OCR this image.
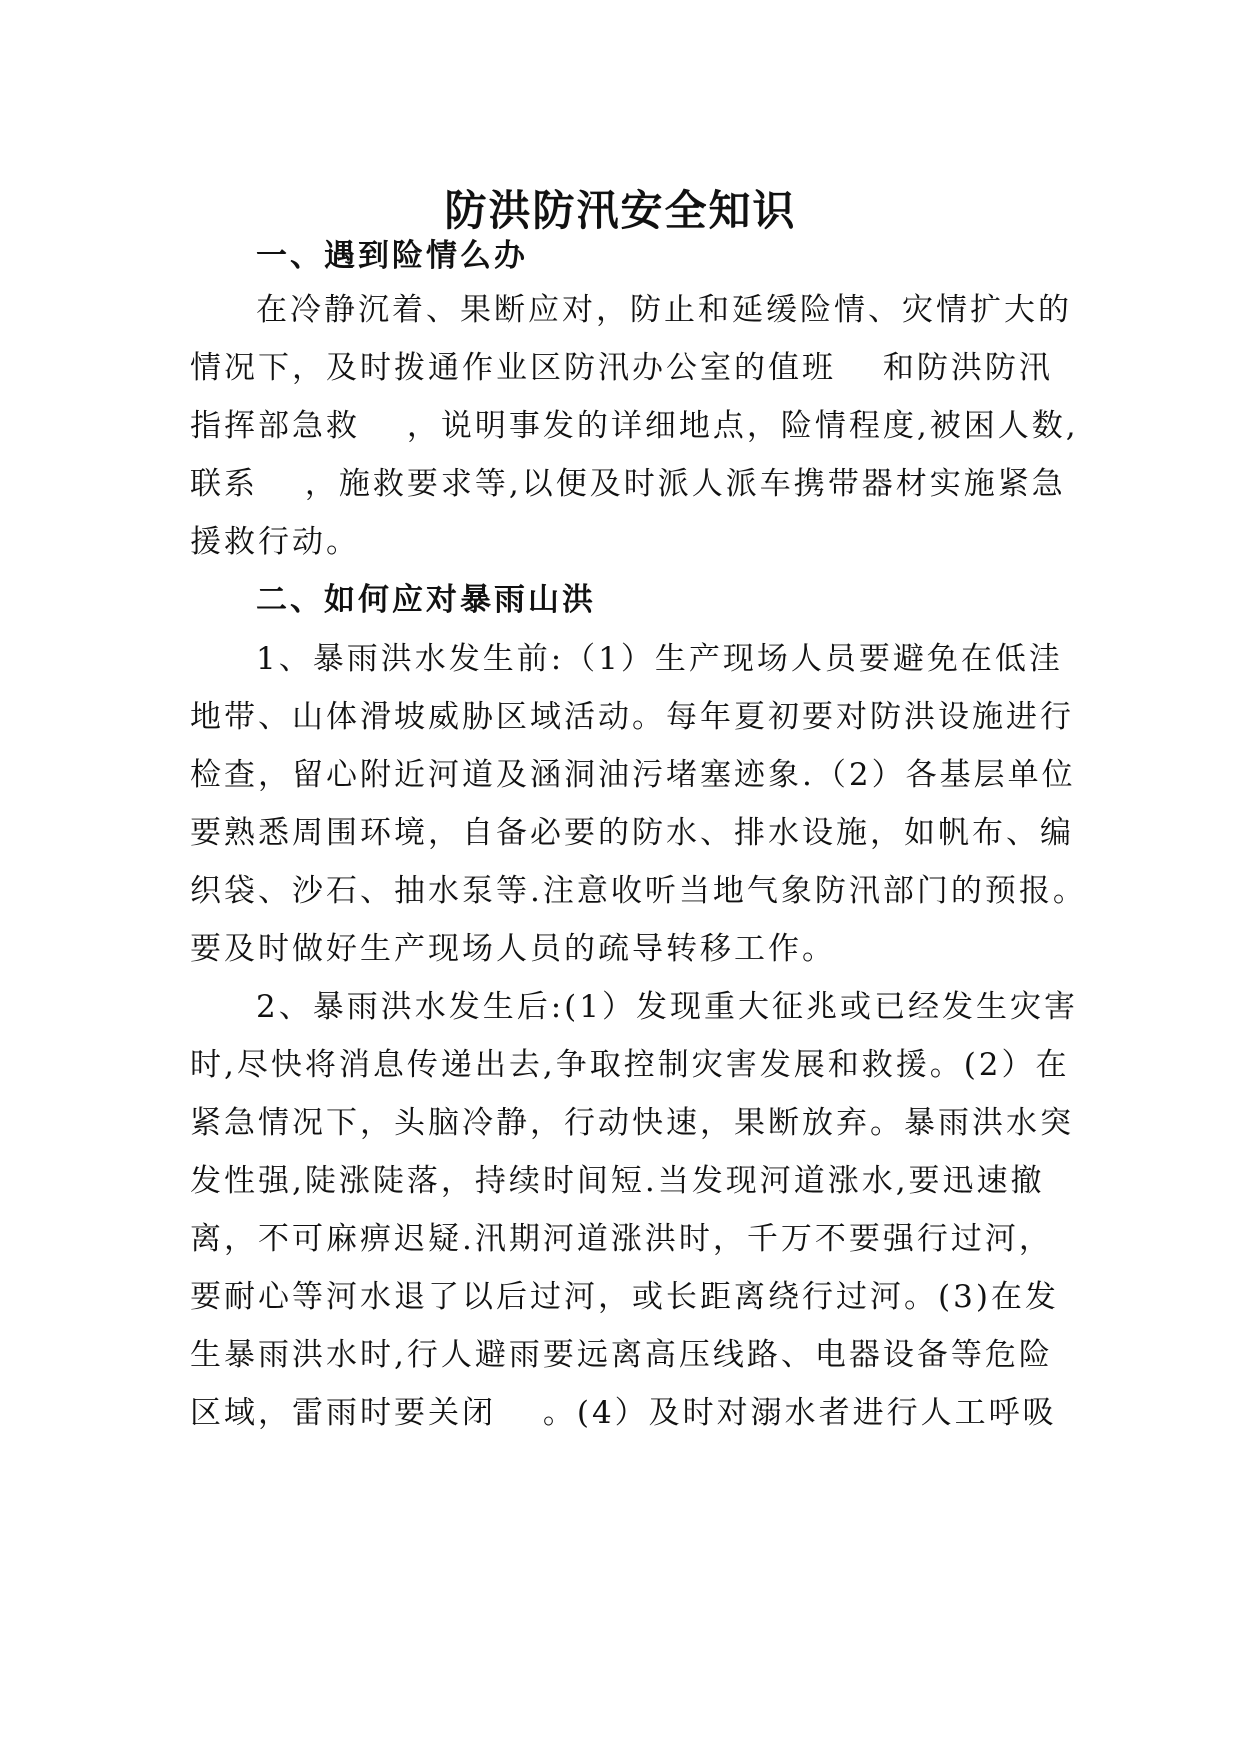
防洪防汛安全知识
一、遇到险情么办
在冷静沉着、果断应对，防止和延缓险情、灾情扩大的
情况下，及时拨通作业区防汛办公室的值班　 和防洪防汛
指挥部急救　 ，说明事发的详细地点，险情程度,被困人数,
联系　 ，施救要求等,以便及时派人派车携带器材实施紧急
援救行动。
二、如何应对暴雨山洪
1、暴雨洪水发生前:（1）生产现场人员要避免在低洼
地带、山体滑坡威胁区域活动。每年夏初要对防洪设施进行
检查，留心附近河道及涵洞油污堵塞迹象.（2）各基层单位
要熟悉周围环境，自备必要的防水、排水设施，如帆布、编
织袋、沙石、抽水泵等.注意收听当地气象防汛部门的预报。
要及时做好生产现场人员的疏导转移工作。
2、暴雨洪水发生后:(1）发现重大征兆或已经发生灾害
时,尽快将消息传递出去,争取控制灾害发展和救援。(2）在
紧急情况下，头脑冷静，行动快速，果断放弃。暴雨洪水突
发性强,陡涨陡落，持续时间短.当发现河道涨水,要迅速撤
离，不可麻痹迟疑.汛期河道涨洪时，千万不要强行过河，
要耐心等河水退了以后过河，或长距离绕行过河。(3)在发
生暴雨洪水时,行人避雨要远离高压线路、电器设备等危险
区域，雷雨时要关闭　 。(4）及时对溺水者进行人工呼吸
